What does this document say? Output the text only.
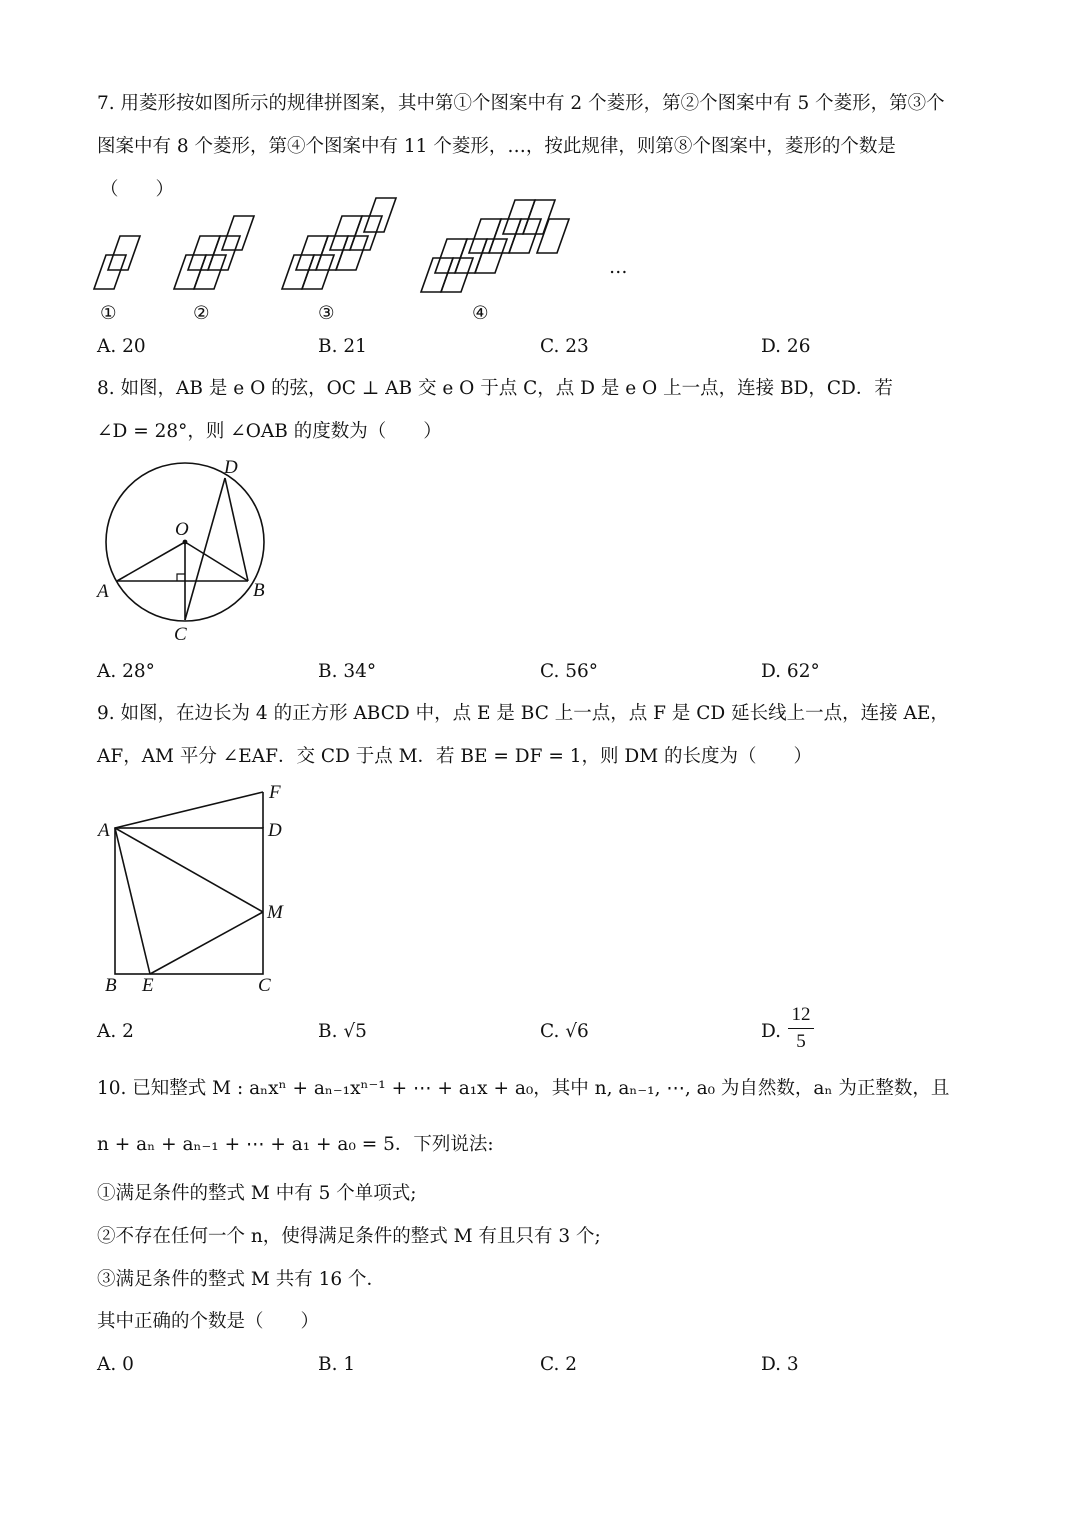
7. 用菱形按如图所示的规律拼图案，其中第①个图案中有 2 个菱形，第②个图案中有 5 个菱形，第③个
图案中有 8 个菱形，第④个图案中有 11 个菱形，…，按此规律，则第⑧个图案中，菱形的个数是
（　　）
…
①	②	③	④
A. 20	B. 21	C. 23	D. 26
8. 如图，AB 是 e O 的弦，OC ⊥ AB 交 e O 于点 C，点 D 是 e O 上一点，连接 BD，CD．若
∠D = 28°，则 ∠OAB 的度数为（　　）
D
O
A	B
C
A. 28°	B. 34°	C. 56°	D. 62°
9. 如图，在边长为 4 的正方形 ABCD 中，点 E 是 BC 上一点，点 F 是 CD 延长线上一点，连接 AE，
AF，AM 平分 ∠EAF．交 CD 于点 M．若 BE = DF = 1，则 DM 的长度为（　　）
F
A	D
M
B E	C
A. 2	B. √5	C. √6	D.
12
5
10. 已知整式 M : aₙxⁿ + aₙ₋₁xⁿ⁻¹ + ⋯ + a₁x + a₀，其中 n, aₙ₋₁, ⋯, a₀ 为自然数，aₙ 为正整数，且
n + aₙ + aₙ₋₁ + ⋯ + a₁ + a₀ = 5．下列说法:
①满足条件的整式 M 中有 5 个单项式;
②不存在任何一个 n，使得满足条件的整式 M 有且只有 3 个;
③满足条件的整式 M 共有 16 个．
其中正确的个数是（　　）
A. 0	B. 1	C. 2	D. 3
